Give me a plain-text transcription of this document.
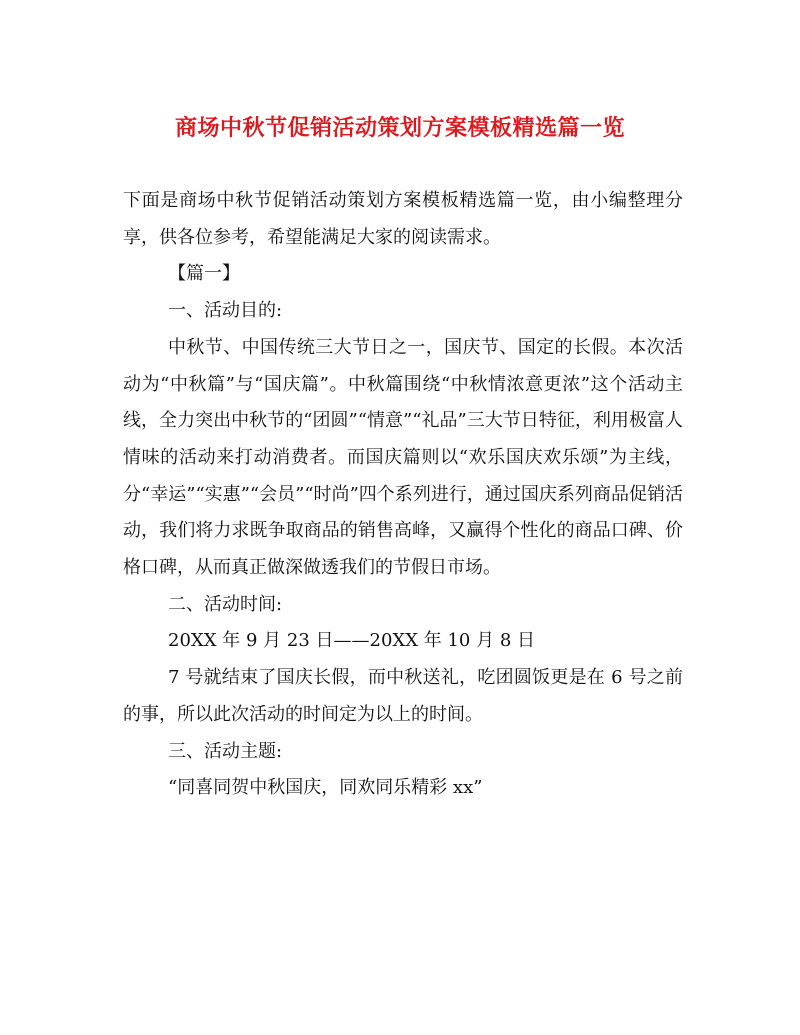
商场中秋节促销活动策划方案模板精选篇一览

下面是商场中秋节促销活动策划方案模板精选篇一览，由小编整理分享，供各位参考，希望能满足大家的阅读需求。

【篇一】

一、活动目的:

中秋节、中国传统三大节日之一，国庆节、国定的长假。本次活动为“中秋篇”与“国庆篇”。中秋篇围绕“中秋情浓意更浓”这个活动主线，全力突出中秋节的“团圆”“情意”“礼品”三大节日特征，利用极富人情味的活动来打动消费者。而国庆篇则以“欢乐国庆欢乐颂”为主线，分“幸运”“实惠”“会员”“时尚”四个系列进行，通过国庆系列商品促销活动，我们将力求既争取商品的销售高峰，又赢得个性化的商品口碑、价格口碑，从而真正做深做透我们的节假日市场。

二、活动时间:

20XX 年 9 月 23 日——20XX 年 10 月 8 日

7 号就结束了国庆长假，而中秋送礼，吃团圆饭更是在 6 号之前的事，所以此次活动的时间定为以上的时间。

三、活动主题:

“同喜同贺中秋国庆，同欢同乐精彩 xx”
